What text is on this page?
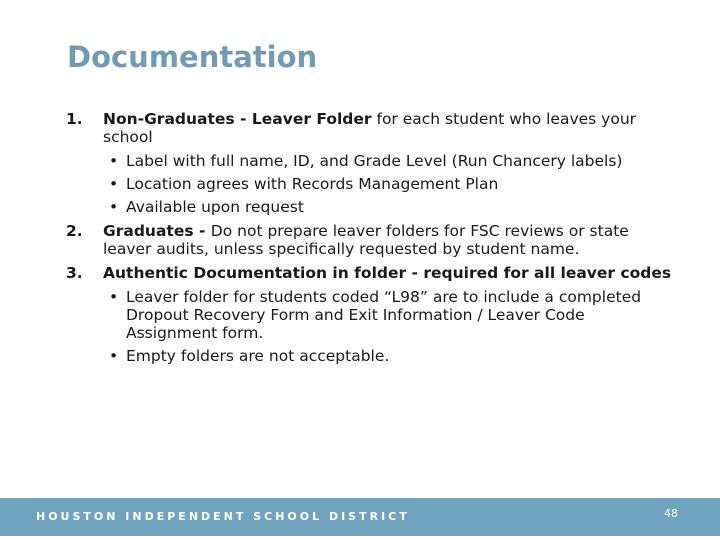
Documentation
1. Non-Graduates - Leaver Folder for each student who leaves your school

• Label with full name, ID, and Grade Level (Run Chancery labels)
• Location agrees with Records Management Plan
• Available upon request
2. Graduates - Do not prepare leaver folders for FSC reviews or state leaver audits, unless specifically requested by student name.

3. Authentic Documentation in folder - required for all leaver codes

• Leaver folder for students coded “L98” are to include a completed Dropout Recovery Form and Exit Information / Leaver Code Assignment form.
• Empty folders are not acceptable.
HOUSTON INDEPENDENT SCHOOL DISTRICT	48
